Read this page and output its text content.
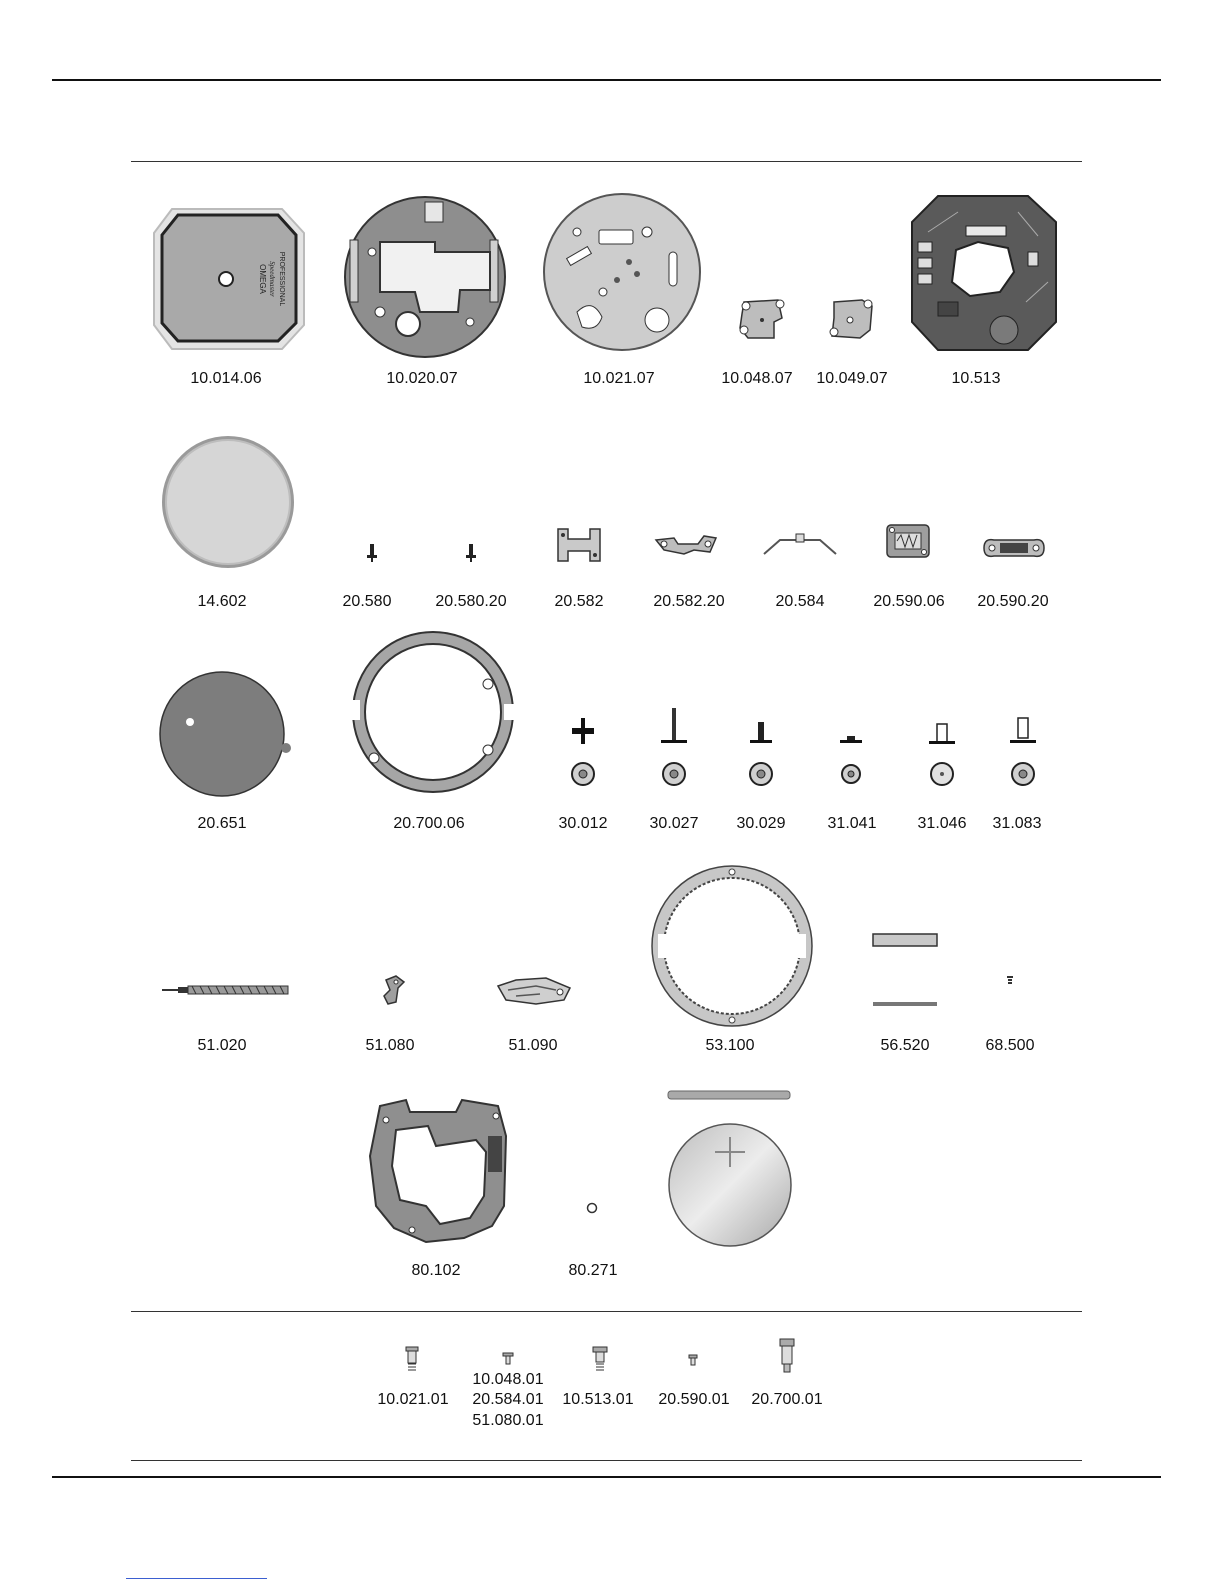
OMEGA Speedmaster PROFESSIONAL
10.014.06	10.020.07	10.021.07	10.048.07	10.049.07	10.513
14.602	20.580	20.580.20	20.582	20.582.20	20.584	20.590.06	20.590.20
20.651	20.700.06	30.012	30.027	30.029	31.041	31.046	31.083
51.020	51.080	51.090	53.100	56.520	68.500
80.102	80.271
10.021.01
10.048.01
20.584.01
51.080.01
10.513.01	20.590.01	20.700.01
